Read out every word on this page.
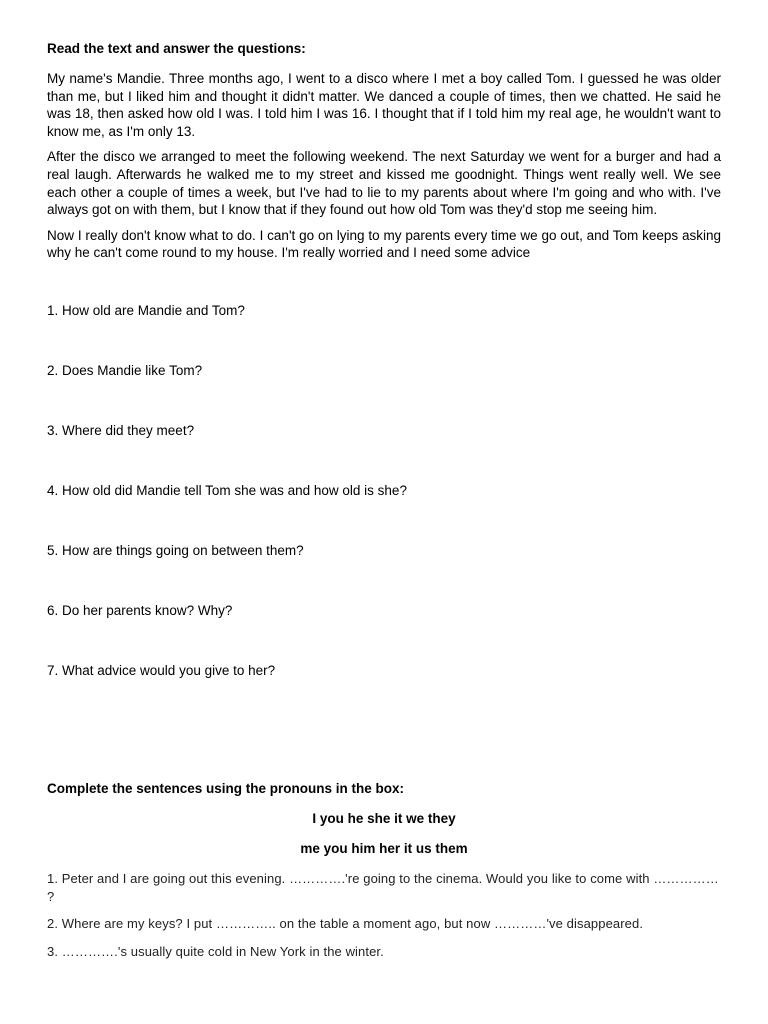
Read the text and answer the questions:

My name's Mandie. Three months ago, I went to a disco where I met a boy called Tom. I guessed he was older than me, but I liked him and thought it didn't matter. We danced a couple of times, then we chatted. He said he was 18, then asked how old I was. I told him I was 16. I thought that if I told him my real age, he wouldn't want to know me, as I'm only 13.

After the disco we arranged to meet the following weekend. The next Saturday we went for a burger and had a real laugh. Afterwards he walked me to my street and kissed me goodnight. Things went really well. We see each other a couple of times a week, but I've had to lie to my parents about where I'm going and who with. I've always got on with them, but I know that if they found out how old Tom was they'd stop me seeing him.

Now I really don't know what to do. I can't go on lying to my parents every time we go out, and Tom keeps asking why he can't come round to my house. I'm really worried and I need some advice

1. How old are Mandie and Tom?

2. Does Mandie like Tom?

3. Where did they meet?

4. How old did Mandie tell Tom she was and how old is she?

5. How are things going on between them?

6. Do her parents know? Why?

7. What advice would you give to her?

Complete the sentences using the pronouns in the box:

I you he she it we they

me you him her it us them

1. Peter and I are going out this evening. ………….'re going to the cinema. Would you like to come with …………… ?

2. Where are my keys? I put ………….. on the table a moment ago, but now …………'ve disappeared.

3. ………….'s usually quite cold in New York in the winter.
